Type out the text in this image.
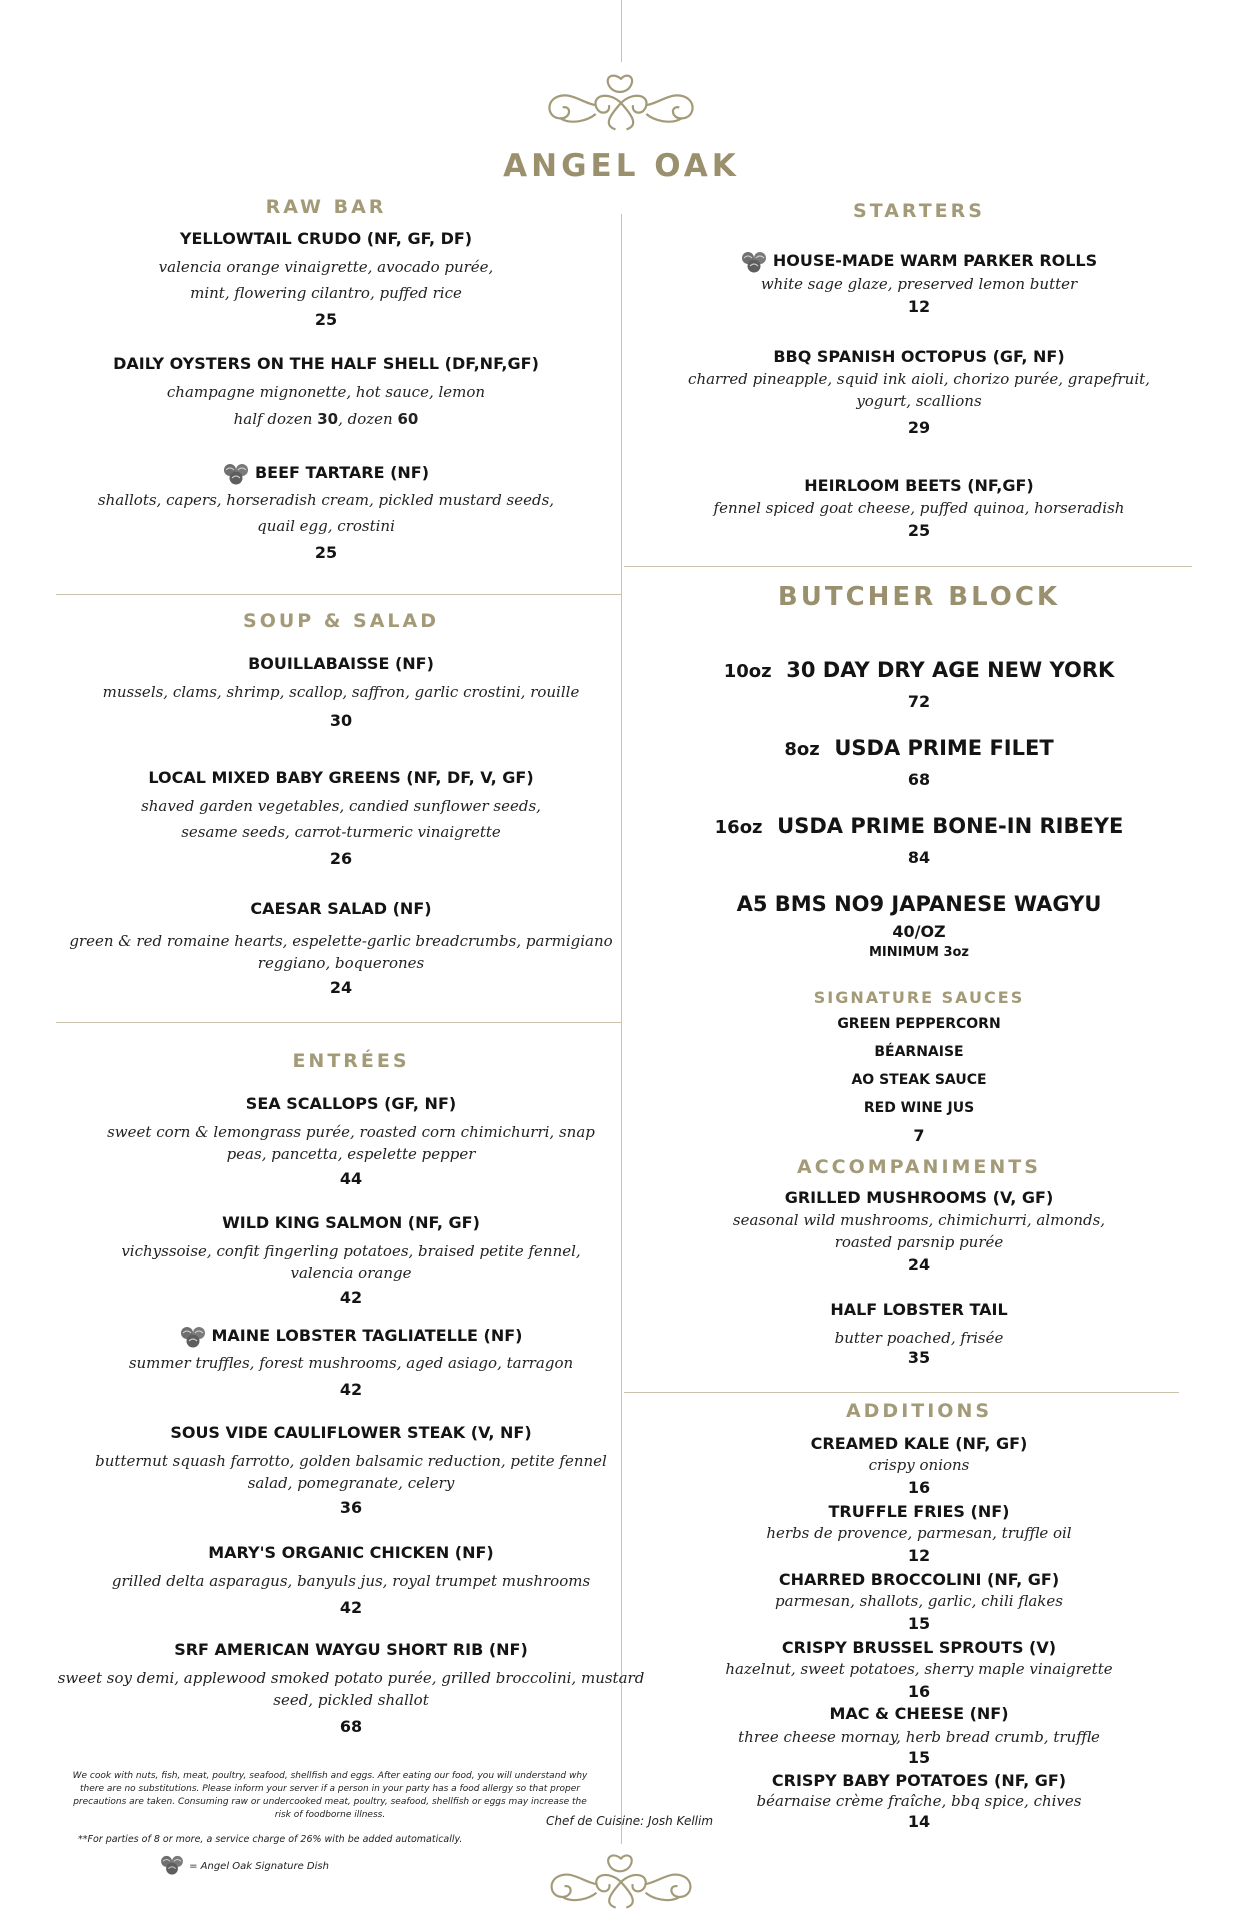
ANGEL OAK
RAW BAR
YELLOWTAIL CRUDO (NF, GF, DF)
valencia orange vinaigrette, avocado purée,
mint, flowering cilantro, puffed rice
25
DAILY OYSTERS ON THE HALF SHELL (DF,NF,GF)
champagne mignonette, hot sauce, lemon
half dozen 30, dozen 60
BEEF TARTARE (NF)
shallots, capers, horseradish cream, pickled mustard seeds,
quail egg, crostini
25
SOUP & SALAD
BOUILLABAISSE (NF)
mussels, clams, shrimp, scallop, saffron, garlic crostini, rouille
30
LOCAL MIXED BABY GREENS (NF, DF, V, GF)
shaved garden vegetables, candied sunflower seeds,
sesame seeds, carrot-turmeric vinaigrette
26
CAESAR SALAD (NF)
green & red romaine hearts, espelette-garlic breadcrumbs, parmigiano
reggiano, boquerones
24
ENTRÉES
SEA SCALLOPS (GF, NF)
sweet corn & lemongrass purée, roasted corn chimichurri, snap
peas, pancetta, espelette pepper
44
WILD KING SALMON (NF, GF)
vichyssoise, confit fingerling potatoes, braised petite fennel,
valencia orange
42
MAINE LOBSTER TAGLIATELLE (NF)
summer truffles, forest mushrooms, aged asiago, tarragon
42
SOUS VIDE CAULIFLOWER STEAK (V, NF)
butternut squash farrotto, golden balsamic reduction, petite fennel
salad, pomegranate, celery
36
MARY'S ORGANIC CHICKEN (NF)
grilled delta asparagus, banyuls jus, royal trumpet mushrooms
42
SRF AMERICAN WAYGU SHORT RIB (NF)
sweet soy demi, applewood smoked potato purée, grilled broccolini, mustard
seed, pickled shallot
68
We cook with nuts, fish, meat, poultry, seafood, shellfish and eggs. After eating our food, you will understand why
there are no substitutions. Please inform your server if a person in your party has a food allergy so that proper
precautions are taken. Consuming raw or undercooked meat, poultry, seafood, shellfish or eggs may increase the
risk of foodborne illness.
**For parties of 8 or more, a service charge of 26% with be added automatically.
= Angel Oak Signature Dish
Chef de Cuisine: Josh Kellim
STARTERS
HOUSE-MADE WARM PARKER ROLLS
white sage glaze, preserved lemon butter
12
BBQ SPANISH OCTOPUS (GF, NF)
charred pineapple, squid ink aioli, chorizo purée, grapefruit,
yogurt, scallions
29
HEIRLOOM BEETS (NF,GF)
fennel spiced goat cheese, puffed quinoa, horseradish
25
BUTCHER BLOCK
10oz 30 DAY DRY AGE NEW YORK
72
8oz USDA PRIME FILET
68
16oz USDA PRIME BONE-IN RIBEYE
84
A5 BMS NO9 JAPANESE WAGYU
40/OZ
MINIMUM 3oz
SIGNATURE SAUCES
GREEN PEPPERCORN
BÉARNAISE
AO STEAK SAUCE
RED WINE JUS
7
ACCOMPANIMENTS
GRILLED MUSHROOMS (V, GF)
seasonal wild mushrooms, chimichurri, almonds,
roasted parsnip purée
24
HALF LOBSTER TAIL
butter poached, frisée
35
ADDITIONS
CREAMED KALE (NF, GF)
crispy onions
16
TRUFFLE FRIES (NF)
herbs de provence, parmesan, truffle oil
12
CHARRED BROCCOLINI (NF, GF)
parmesan, shallots, garlic, chili flakes
15
CRISPY BRUSSEL SPROUTS (V)
hazelnut, sweet potatoes, sherry maple vinaigrette
16
MAC & CHEESE (NF)
three cheese mornay, herb bread crumb, truffle
15
CRISPY BABY POTATOES (NF, GF)
béarnaise crème fraîche, bbq spice, chives
14
